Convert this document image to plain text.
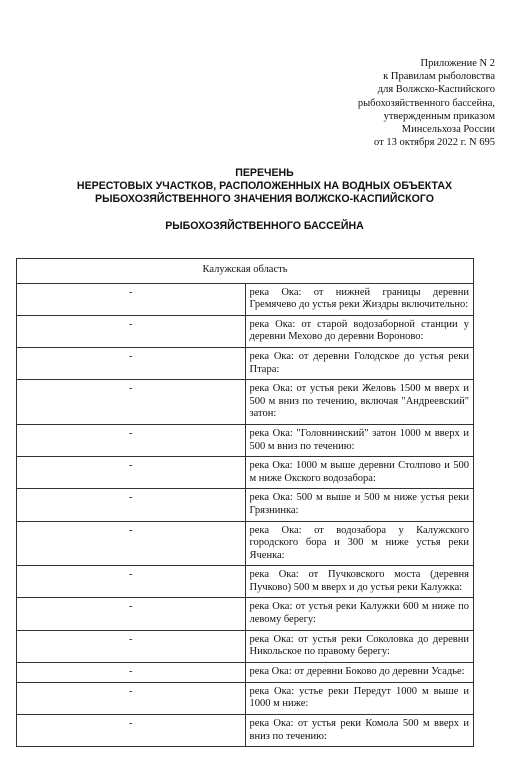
Приложение N 2
к Правилам рыболовства
для Волжско-Каспийского
рыбохозяйственного бассейна,
утвержденным приказом
Минсельхоза России
от 13 октября 2022 г. N 695
ПЕРЕЧЕНЬ
НЕРЕСТОВЫХ УЧАСТКОВ, РАСПОЛОЖЕННЫХ НА ВОДНЫХ ОБЪЕКТАХ
РЫБОХОЗЯЙСТВЕННОГО ЗНАЧЕНИЯ ВОЛЖСКО-КАСПИЙСКОГО
РЫБОХОЗЯЙСТВЕННОГО БАССЕЙНА
Калужская область	
-	река Ока: от нижней границы деревни Гремячево до устья реки Жиздры включительно:
-	река Ока: от старой водозаборной станции у деревни Мехово до деревни Вороново:
-	река Ока: от деревни Голодское до устья реки Птара:
-	река Ока: от устья реки Желовь 1500 м вверх и 500 м вниз по течению, включая "Андреевский" затон:
-	река Ока: "Головнинский" затон 1000 м вверх и 500 м вниз по течению:
-	река Ока: 1000 м выше деревни Столпово и 500 м ниже Окского водозабора:
-	река Ока: 500 м выше и 500 м ниже устья реки Грязнинка:
-	река Ока: от водозабора у Калужского городского бора и 300 м ниже устья реки Яченка:
-	река Ока: от Пучковского моста (деревня Пучково) 500 м вверх и до устья реки Калужка:
-	река Ока: от устья реки Калужки 600 м ниже по левому берегу:
-	река Ока: от устья реки Соколовка до деревни Никольское по правому берегу:
-	река Ока: от деревни Боково до деревни Усадье:
-	река Ока: устье реки Передут 1000 м выше и 1000 м ниже:
-	река Ока: от устья реки Комола 500 м вверх и вниз по течению:
